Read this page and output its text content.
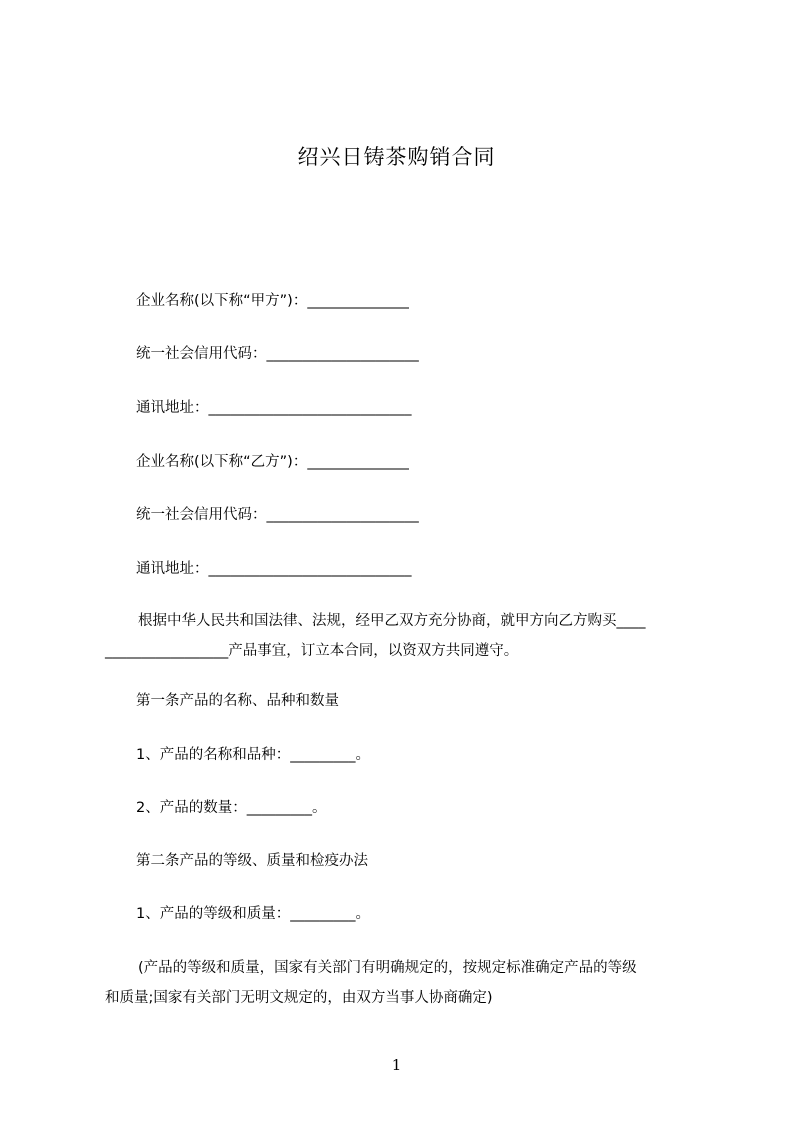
绍兴日铸茶购销合同
企业名称(以下称“甲方”)：______________
统一社会信用代码：_____________________
通讯地址：____________________________
企业名称(以下称“乙方”)：______________
统一社会信用代码：_____________________
通讯地址：____________________________
根据中华人民共和国法律、法规，经甲乙双方充分协商，就甲方向乙方购买____
_________________产品事宜，订立本合同，以资双方共同遵守。
第一条产品的名称、品种和数量
1、产品的名称和品种：_________。
2、产品的数量：_________。
第二条产品的等级、质量和检疫办法
1、产品的等级和质量：_________。
(产品的等级和质量，国家有关部门有明确规定的，按规定标准确定产品的等级
和质量;国家有关部门无明文规定的，由双方当事人协商确定)
1
